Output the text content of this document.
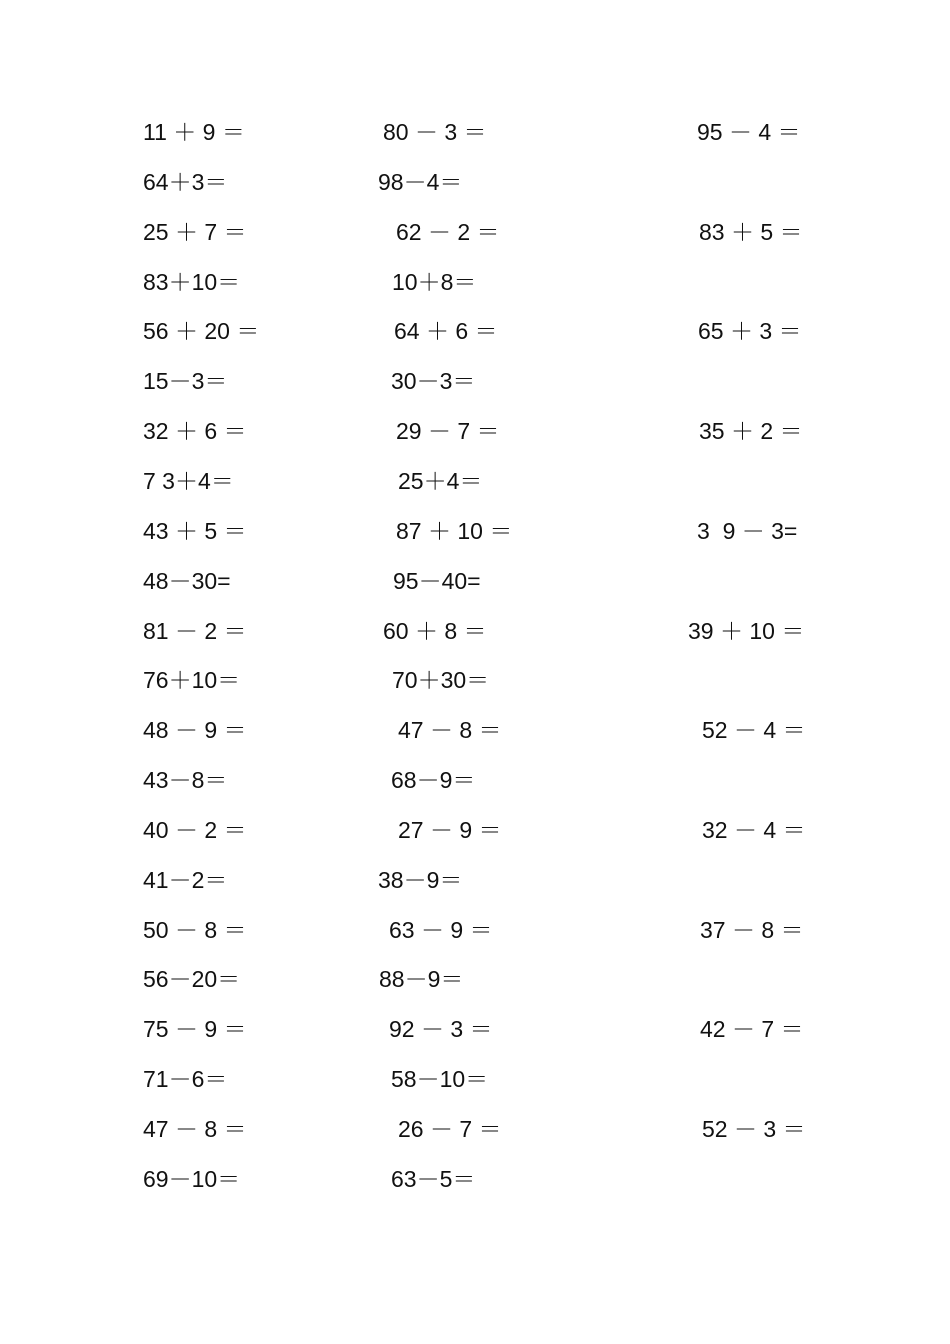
11 ＋ 9 ＝	80 － 3 ＝	95 － 4 ＝
64＋3＝	98－4＝
25 ＋ 7 ＝	62 － 2 ＝	83 ＋ 5 ＝
83＋10＝	10＋8＝
56 ＋ 20 ＝	64 ＋ 6 ＝	65 ＋ 3 ＝
15－3＝	30－3＝
32 ＋ 6 ＝	29 － 7 ＝	35 ＋ 2 ＝
7 3＋4＝	25＋4＝
43 ＋ 5 ＝	87 ＋ 10 ＝	3  9 － 3=
48－30=	95－40=
81 － 2 ＝	60 ＋ 8 ＝	39 ＋ 10 ＝
76＋10＝	70＋30＝
48 － 9 ＝	47 － 8 ＝	52 － 4 ＝
43－8＝	68－9＝
40 － 2 ＝	27 － 9 ＝	32 － 4 ＝
41－2＝	38－9＝
50 － 8 ＝	63 － 9 ＝	37 － 8 ＝
56－20＝	88－9＝
75 － 9 ＝	92 － 3 ＝	42 － 7 ＝
71－6＝	58－10＝
47 － 8 ＝	26 － 7 ＝	52 － 3 ＝
69－10＝	63－5＝
